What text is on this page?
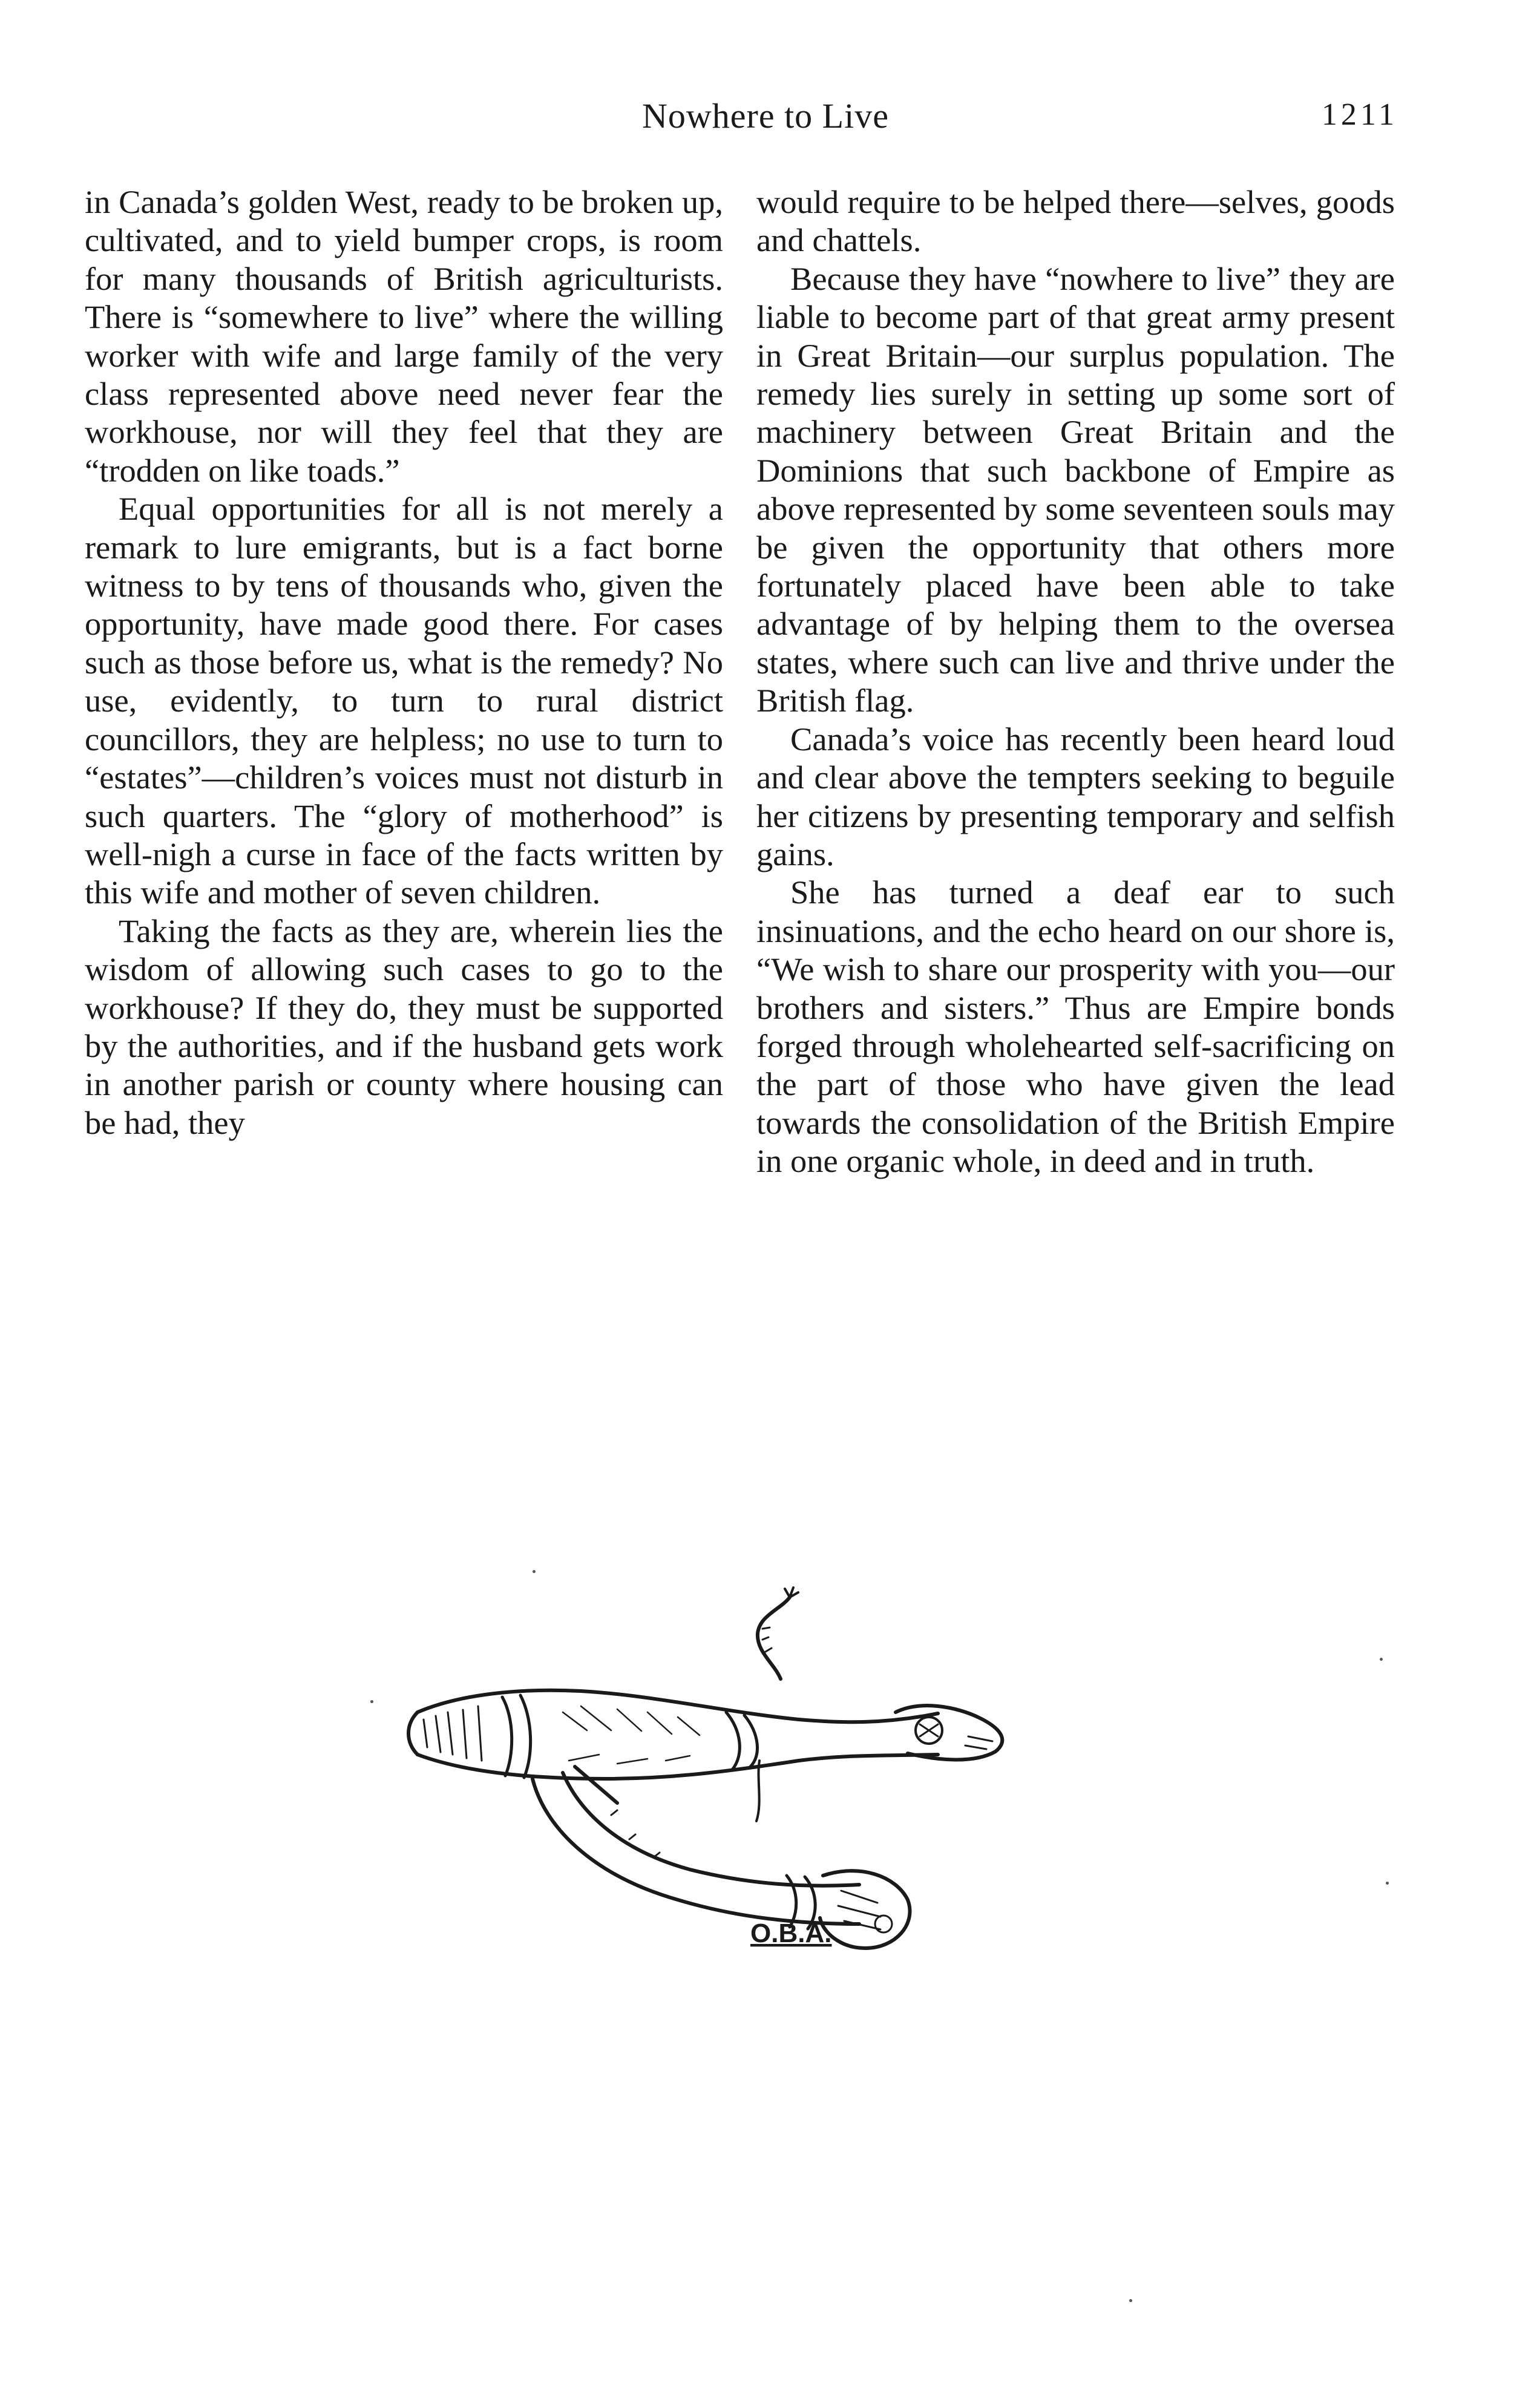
Nowhere to Live	1211

in Canada’s golden West, ready to be broken up, cultivated, and to yield bumper crops, is room for many thousands of British agriculturists. There is “somewhere to live” where the willing worker with wife and large family of the very class represented above need never fear the workhouse, nor will they feel that they are “trodden on like toads.”

Equal opportunities for all is not merely a remark to lure emigrants, but is a fact borne witness to by tens of thousands who, given the opportunity, have made good there. For cases such as those before us, what is the remedy? No use, evidently, to turn to rural district councillors, they are helpless; no use to turn to “estates”—children’s voices must not disturb in such quarters. The “glory of motherhood” is well-nigh a curse in face of the facts written by this wife and mother of seven children.

Taking the facts as they are, wherein lies the wisdom of allowing such cases to go to the workhouse? If they do, they must be supported by the authorities, and if the husband gets work in another parish or county where housing can be had, they

would require to be helped there—selves, goods and chattels.

Because they have “nowhere to live” they are liable to become part of that great army present in Great Britain—our surplus population. The remedy lies surely in setting up some sort of machinery between Great Britain and the Dominions that such backbone of Empire as above represented by some seventeen souls may be given the opportunity that others more fortunately placed have been able to take advantage of by helping them to the oversea states, where such can live and thrive under the British flag.

Canada’s voice has recently been heard loud and clear above the tempters seeking to beguile her citizens by presenting temporary and selfish gains.

She has turned a deaf ear to such insinuations, and the echo heard on our shore is, “We wish to share our prosperity with you—our brothers and sisters.” Thus are Empire bonds forged through wholehearted self-sacrificing on the part of those who have given the lead towards the consolidation of the British Empire in one organic whole, in deed and in truth.

O.B.A.
